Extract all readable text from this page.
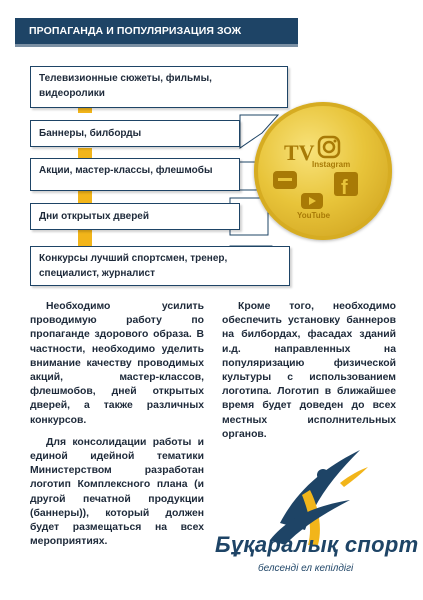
ПРОПАГАНДА И ПОПУЛЯРИЗАЦИЯ ЗОЖ
Телевизионные сюжеты, фильмы, видеоролики
Баннеры, билборды
Акции, мастер-классы, флешмобы
Дни открытых дверей
Конкурсы лучший спортсмен, тренер, специалист, журналист
TV
Instagram
f
YouTube

Необходимо усилить проводимую работу по пропаганде здорового образа. В частности, необходимо уделить внимание качеству проводимых акций, мастер-классов, флешмобов, дней открытых дверей, а также различных конкурсов.

Для консолидации работы и единой идейной тематики Министерством разработан логотип Комплексного плана (и другой печатной продукции (баннеры)), который должен будет размещаться на всех мероприятиях.

Кроме того, необходимо обеспечить установку баннеров на билбордах, фасадах зданий и.д. направленных на популяризацию физической культуры с использованием логотипа. Логотип в ближайшее время будет доведен до всех местных исполнительных органов.

Бұқаралық спорт
белсенді ел кепілдігі
